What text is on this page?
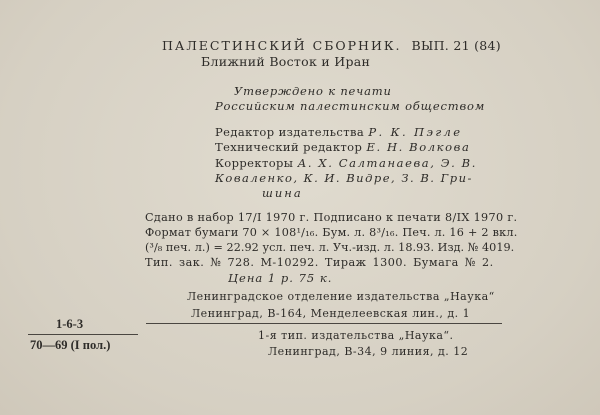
ПАЛЕСТИНСКИЙ СБОРНИК. ВЫП. 21 (84)
Ближний Восток и Иран
Утверждено к печати
Российским палестинским обществом
Редактор издательства Р. К. Пэгле
Технический редактор Е. Н. Волкова
Корректоры А. Х. Салтанаева, Э. В.
Коваленко, К. И. Видре, З. В. Гри-
шина
Сдано в набор 17/I 1970 г. Подписано к печати 8/IX 1970 г.
Формат бумаги 70 × 108¹/₁₆. Бум. л. 8³/₁₆. Печ. л. 16 + 2 вкл.
(³/₈ печ. л.) = 22.92 усл. печ. л. Уч.-изд. л. 18.93. Изд. № 4019.
Тип. зак. № 728. М-10292. Тираж 1300. Бумага № 2.
Цена 1 р. 75 к.
Ленинградское отделение издательства „Наука“
Ленинград, В-164, Менделеевская лин., д. 1
1-6-3
70—69 (I пол.)
1-я тип. издательства „Наука“.
Ленинград, В-34, 9 линия, д. 12
